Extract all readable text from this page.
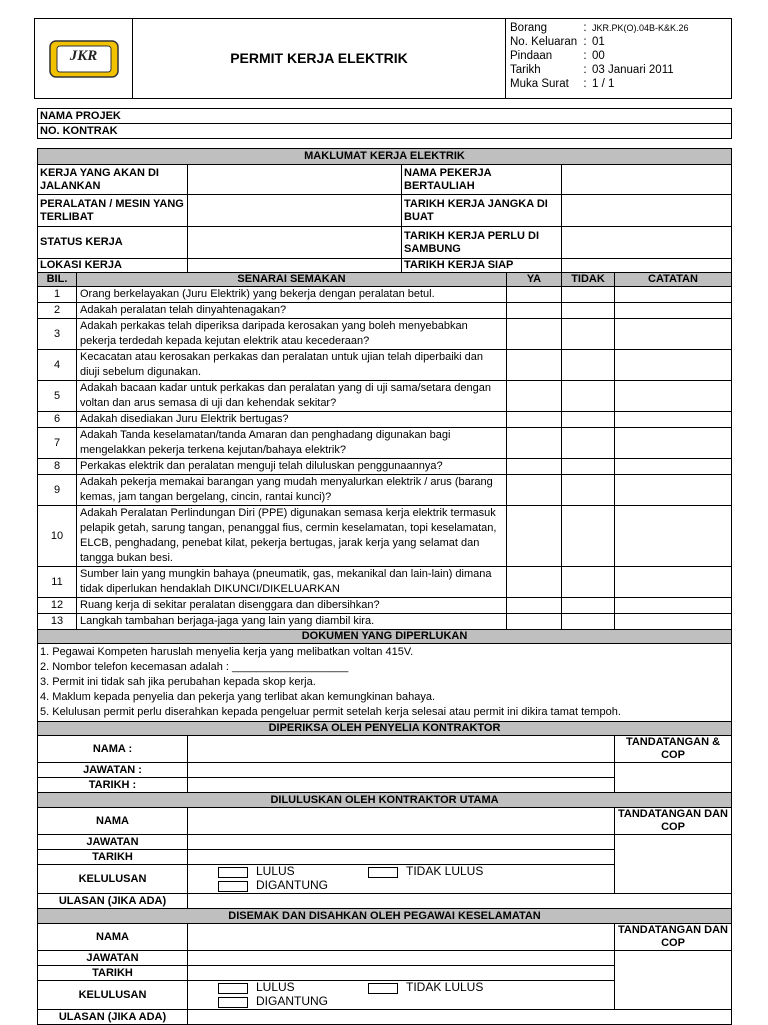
JKR	PERMIT KERJA ELEKTRIK	
Borang	: JKR.PK(O).04B-K&K.26
No. Keluaran : 01
Pindaan	: 00
Tarikh	: 03 Januari 2011
Muka Surat	: 1 / 1
NAMA PROJEK
NO. KONTRAK
MAKLUMAT KERJA ELEKTRIK						
KERJA YANG AKAN DI JALANKAN			NAMA PEKERJA BERTAULIAH			
PERALATAN / MESIN YANG TERLIBAT			TARIKH KERJA JANGKA DI BUAT			
STATUS KERJA			TARIKH KERJA PERLU DI SAMBUNG			
LOKASI KERJA			TARIKH KERJA SIAP			
BIL.	SENARAI SEMAKAN			YA	TIDAK	CATATAN
1	Orang berkelayakan (Juru Elektrik) yang bekerja dengan peralatan betul.					
2	Adakah peralatan telah dinyahtenagakan?					
3	Adakah perkakas telah diperiksa daripada kerosakan yang boleh menyebabkan pekerja terdedah kepada kejutan elektrik atau kecederaan?					
4	Kecacatan atau kerosakan perkakas dan peralatan untuk ujian telah diperbaiki dan diuji sebelum digunakan.					
5	Adakah bacaan kadar untuk perkakas dan peralatan yang di uji sama/setara dengan voltan dan arus semasa di uji dan kehendak sekitar?					
6	Adakah disediakan Juru Elektrik bertugas?					
7	Adakah Tanda keselamatan/tanda Amaran dan penghadang digunakan bagi mengelakkan pekerja terkena kejutan/bahaya elektrik?					
8	Perkakas elektrik dan peralatan menguji telah diluluskan penggunaannya?					
9	Adakah pekerja memakai barangan yang mudah menyalurkan elektrik / arus (barang kemas, jam tangan bergelang, cincin, rantai kunci)?					
10	Adakah Peralatan Perlindungan Diri (PPE) digunakan semasa kerja elektrik termasuk pelapik getah, sarung tangan, penanggal fius, cermin keselamatan, topi keselamatan, ELCB, penghadang, penebat kilat, pekerja bertugas, jarak kerja yang selamat dan tangga bukan besi.					
11	Sumber lain yang mungkin bahaya (pneumatik, gas, mekanikal dan lain-lain) dimana tidak diperlukan hendaklah DIKUNCI/DIKELUARKAN					
12	Ruang kerja di sekitar peralatan disenggara dan dibersihkan?					
13	Langkah tambahan berjaga-jaga yang lain yang diambil kira.					
DOKUMEN YANG DIPERLUKAN						

1. Pegawai Kompeten haruslah menyelia kerja yang melibatkan voltan 415V.
2. Nombor telefon kecemasan adalah : ___________________
3. Permit ini tidak sah jika perubahan kepada skop kerja.
4. Maklum kepada penyelia dan pekerja yang terlibat akan kemungkinan bahaya.
5. Kelulusan permit perlu diserahkan kepada pengeluar permit setelah kerja selesai atau permit ini dikira tamat tempoh.						

DIPERIKSA OLEH PENYELIA KONTRAKTOR						
NAMA :						TANDATANGAN & COP
JAWATAN :						
TARIKH :						
DILULUSKAN OLEH KONTRAKTOR UTAMA						
NAMA						TANDATANGAN DAN COP
JAWATAN						
TARIKH						
KELULUSAN		LULUS TIDAK LULUSDIGANTUNG				
ULASAN (JIKA ADA)						
DISEMAK DAN DISAHKAN OLEH PEGAWAI KESELAMATAN						
NAMA						TANDATANGAN DAN COP
JAWATAN						
TARIKH						
KELULUSAN		LULUS TIDAK LULUSDIGANTUNG				
ULASAN (JIKA ADA)						
